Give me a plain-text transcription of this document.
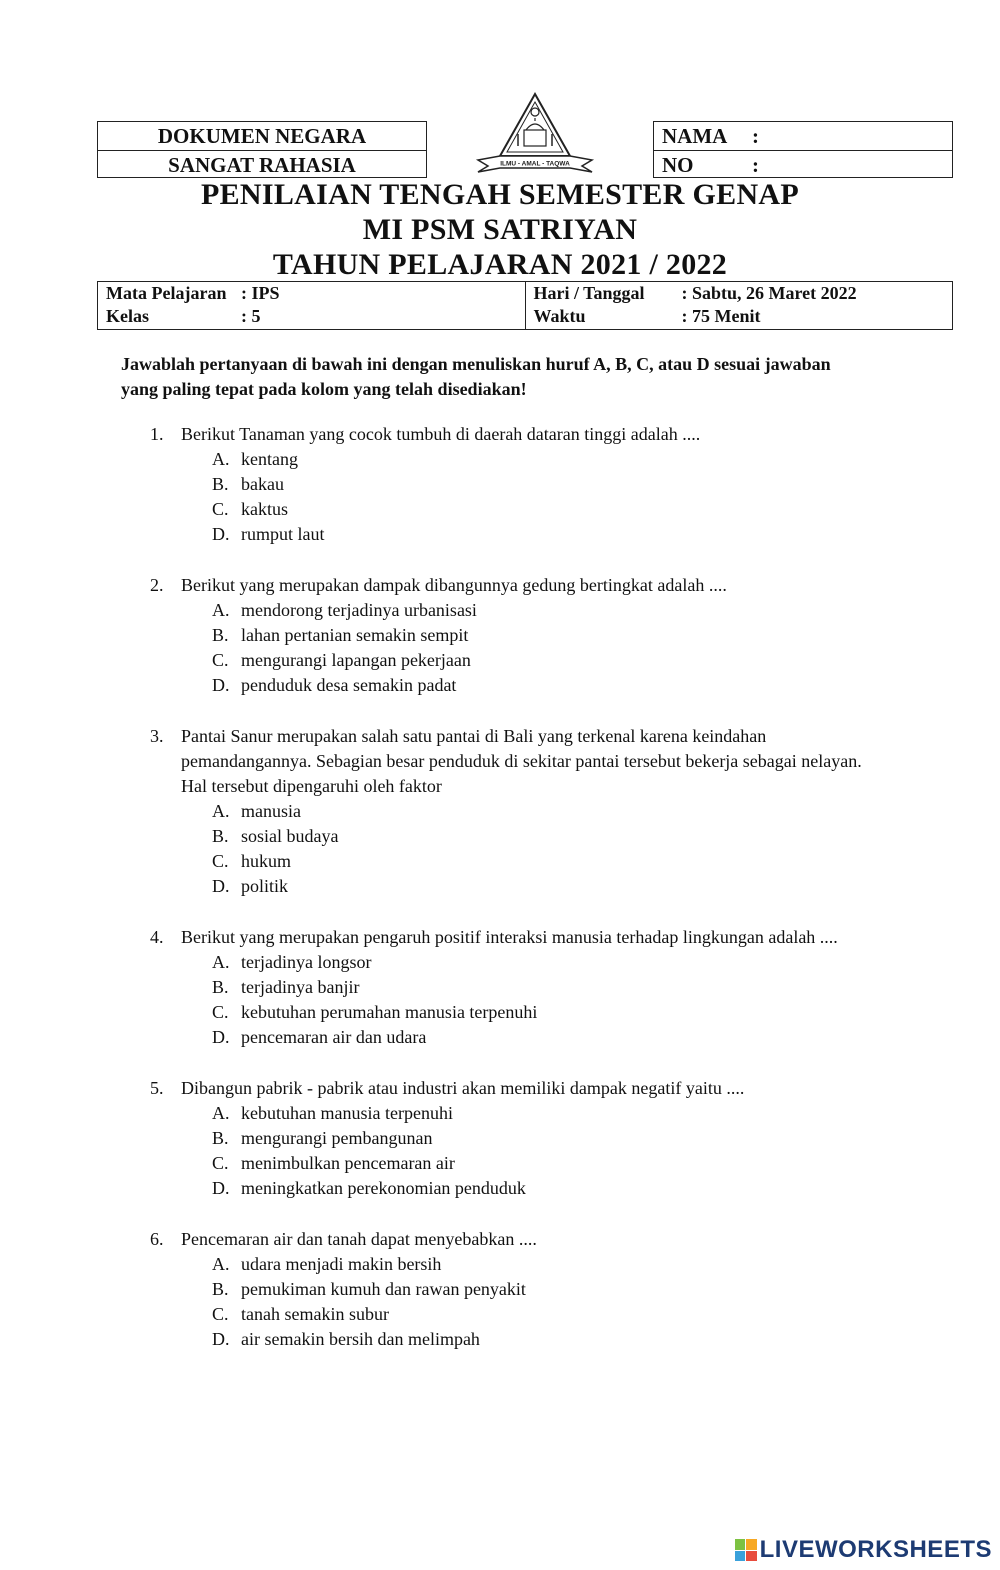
DOKUMEN NEGARA
SANGAT RAHASIA	ILMU - AMAL - TAQWA
NAMA	:
NO	:
PENILAIAN TENGAH SEMESTER GENAP
MI PSM SATRIYAN
TAHUN PELAJARAN 2021 / 2022
Mata Pelajaran : IPS
Kelas	: 5
Hari / Tanggal	: Sabtu, 26 Maret 2022
Waktu	: 75 Menit
Jawablah pertanyaan di bawah ini dengan menuliskan huruf A, B, C, atau D sesuai jawaban yang paling tepat pada kolom yang telah disediakan!
1. Berikut Tanaman yang cocok tumbuh di daerah dataran tinggi adalah ....
A. kentang
B. bakau
C. kaktus
D. rumput laut
2. Berikut yang merupakan dampak dibangunnya gedung bertingkat adalah ....
A. mendorong terjadinya urbanisasi
B. lahan pertanian semakin sempit
C. mengurangi lapangan pekerjaan
D. penduduk desa semakin padat
3. Pantai Sanur merupakan salah satu pantai di Bali yang terkenal karena keindahan pemandangannya. Sebagian besar penduduk di sekitar pantai tersebut bekerja sebagai nelayan. Hal tersebut dipengaruhi oleh faktor
A. manusia
B. sosial budaya
C. hukum
D. politik
4. Berikut yang merupakan pengaruh positif interaksi manusia terhadap lingkungan adalah ....
A. terjadinya longsor
B. terjadinya banjir
C. kebutuhan perumahan manusia terpenuhi
D. pencemaran air dan udara
5. Dibangun pabrik - pabrik atau industri akan memiliki dampak negatif yaitu ....
A. kebutuhan manusia terpenuhi
B. mengurangi pembangunan
C. menimbulkan pencemaran air
D. meningkatkan perekonomian penduduk
6. Pencemaran air dan tanah dapat menyebabkan ....
A. udara menjadi makin bersih
B. pemukiman kumuh dan rawan penyakit
C. tanah semakin subur
D. air semakin bersih dan melimpah
LIVEWORKSHEETS
